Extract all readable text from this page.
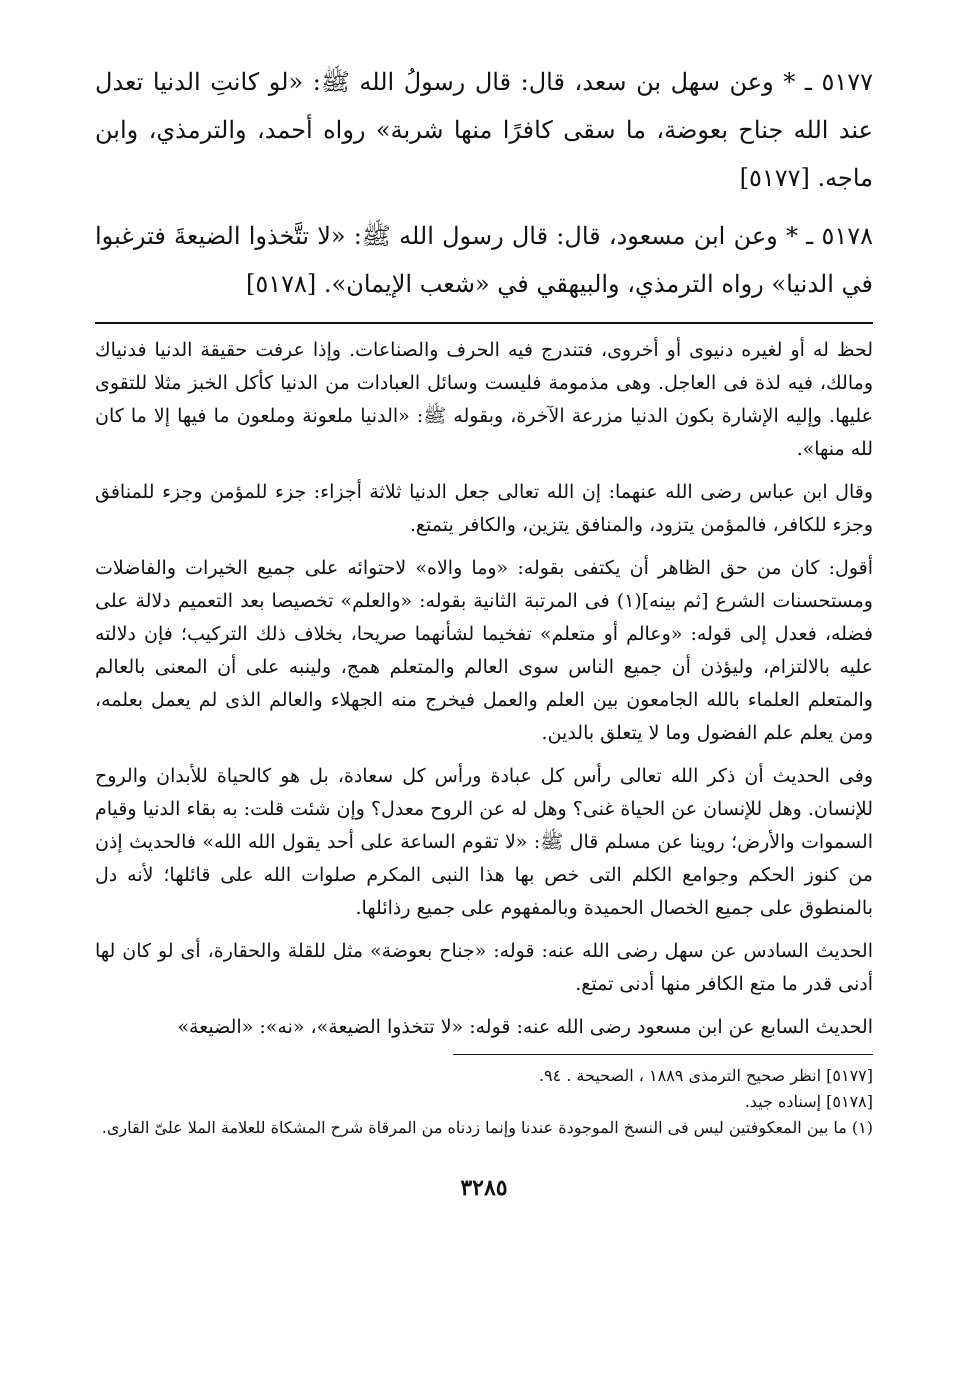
٥١٧٧ ـ * وعن سهل بن سعد، قال: قال رسولُ الله ﷺ: «لو كانتِ الدنيا تعدل عند الله جناح بعوضة، ما سقى كافرًا منها شربة» رواه أحمد، والترمذي، وابن ماجه. [٥١٧٧]

٥١٧٨ ـ * وعن ابن مسعود، قال: قال رسول الله ﷺ: «لا تتَّخذوا الضيعةَ فترغبوا في الدنيا» رواه الترمذي، والبيهقي في «شعب الإيمان». [٥١٧٨]

لحظ له أو لغيره دنيوى أو أخروى، فتندرج فيه الحرف والصناعات. وإذا عرفت حقيقة الدنيا فدنياك ومالك، فيه لذة فى العاجل. وهى مذمومة فليست وسائل العبادات من الدنيا كأكل الخبز مثلا للتقوى عليها. وإليه الإشارة بكون الدنيا مزرعة الآخرة، وبقوله ﷺ: «الدنيا ملعونة وملعون ما فيها إلا ما كان لله منها».

وقال ابن عباس رضى الله عنهما: إن الله تعالى جعل الدنيا ثلاثة أجزاء: جزء للمؤمن وجزء للمنافق وجزء للكافر، فالمؤمن يتزود، والمنافق يتزين، والكافر يتمتع.

أقول: كان من حق الظاهر أن يكتفى بقوله: «وما والاه» لاحتوائه على جميع الخيرات والفاضلات ومستحسنات الشرع [ثم بينه](١) فى المرتبة الثانية بقوله: «والعلم» تخصيصا بعد التعميم دلالة على فضله، فعدل إلى قوله: «وعالم أو متعلم» تفخيما لشأنهما صريحا، بخلاف ذلك التركيب؛ فإن دلالته عليه بالالتزام، وليؤذن أن جميع الناس سوى العالم والمتعلم همج، ولينبه على أن المعنى بالعالم والمتعلم العلماء بالله الجامعون بين العلم والعمل فيخرج منه الجهلاء والعالم الذى لم يعمل بعلمه، ومن يعلم علم الفضول وما لا يتعلق بالدين.

وفى الحديث أن ذكر الله تعالى رأس كل عبادة ورأس كل سعادة، بل هو كالحياة للأبدان والروح للإنسان. وهل للإنسان عن الحياة غنى؟ وهل له عن الروح معدل؟ وإن شئت قلت: به بقاء الدنيا وقيام السموات والأرض؛ روينا عن مسلم قال ﷺ: «لا تقوم الساعة على أحد يقول الله الله» فالحديث إذن من كنوز الحكم وجوامع الكلم التى خص بها هذا النبى المكرم صلوات الله على قائلها؛ لأنه دل بالمنطوق على جميع الخصال الحميدة وبالمفهوم على جميع رذائلها.

الحديث السادس عن سهل رضى الله عنه: قوله: «جناح بعوضة» مثل للقلة والحقارة، أى لو كان لها أدنى قدر ما متع الكافر منها أدنى تمتع.

الحديث السابع عن ابن مسعود رضى الله عنه: قوله: «لا تتخذوا الضيعة»، «نه»: «الضيعة»

[٥١٧٧] انظر صحيح الترمذى ١٨٨٩ ، الصحيحة . ٩٤.

[٥١٧٨] إسناده جيد.

(١) ما بين المعكوفتين ليس فى النسخ الموجودة عندنا وإنما زدناه من المرقاة شرح المشكاة للعلامة الملا علىّ القارى.

٣٢٨٥
